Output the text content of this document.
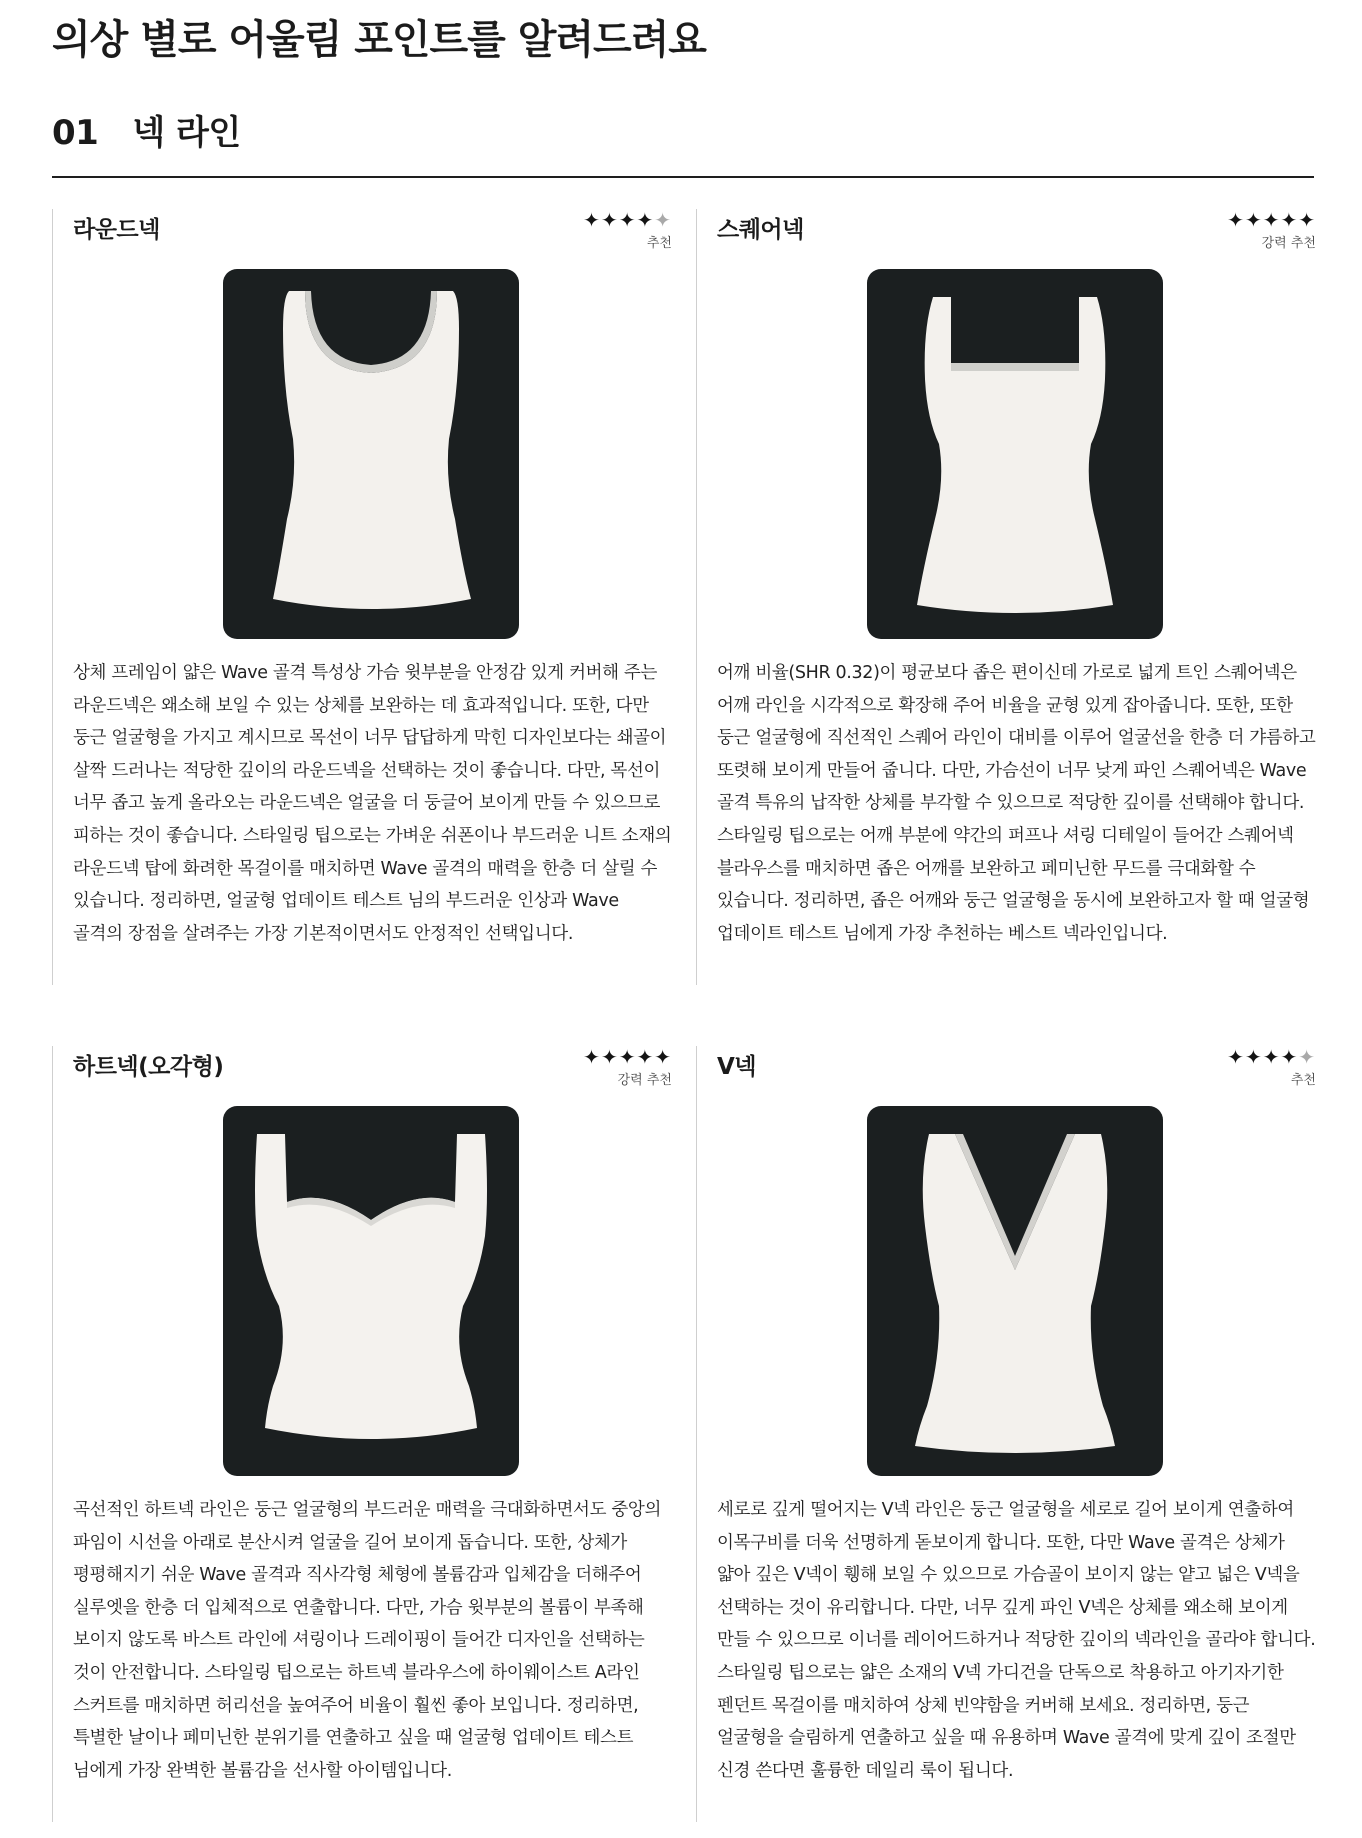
의상 별로 어울림 포인트를 알려드려요
01 넥 라인
라운드넥	✦✦✦✦✦
추천

상체 프레임이 얇은 Wave 골격 특성상 가슴 윗부분을 안정감 있게 커버해 주는 라운드넥은 왜소해 보일 수 있는 상체를 보완하는 데 효과적입니다. 또한, 다만 둥근 얼굴형을 가지고 계시므로 목선이 너무 답답하게 막힌 디자인보다는 쇄골이 살짝 드러나는 적당한 깊이의 라운드넥을 선택하는 것이 좋습니다. 다만, 목선이 너무 좁고 높게 올라오는 라운드넥은 얼굴을 더 둥글어 보이게 만들 수 있으므로 피하는 것이 좋습니다. 스타일링 팁으로는 가벼운 쉬폰이나 부드러운 니트 소재의 라운드넥 탑에 화려한 목걸이를 매치하면 Wave 골격의 매력을 한층 더 살릴 수 있습니다. 정리하면, 얼굴형 업데이트 테스트 님의 부드러운 인상과 Wave 골격의 장점을 살려주는 가장 기본적이면서도 안정적인 선택입니다.

스퀘어넥	✦✦✦✦✦
강력 추천

어깨 비율(SHR 0.32)이 평균보다 좁은 편이신데 가로로 넓게 트인 스퀘어넥은 어깨 라인을 시각적으로 확장해 주어 비율을 균형 있게 잡아줍니다. 또한, 또한 둥근 얼굴형에 직선적인 스퀘어 라인이 대비를 이루어 얼굴선을 한층 더 갸름하고 또렷해 보이게 만들어 줍니다. 다만, 가슴선이 너무 낮게 파인 스퀘어넥은 Wave 골격 특유의 납작한 상체를 부각할 수 있으므로 적당한 깊이를 선택해야 합니다. 스타일링 팁으로는 어깨 부분에 약간의 퍼프나 셔링 디테일이 들어간 스퀘어넥 블라우스를 매치하면 좁은 어깨를 보완하고 페미닌한 무드를 극대화할 수 있습니다. 정리하면, 좁은 어깨와 둥근 얼굴형을 동시에 보완하고자 할 때 얼굴형 업데이트 테스트 님에게 가장 추천하는 베스트 넥라인입니다.

하트넥(오각형)	✦✦✦✦✦
강력 추천

곡선적인 하트넥 라인은 둥근 얼굴형의 부드러운 매력을 극대화하면서도 중앙의 파임이 시선을 아래로 분산시켜 얼굴을 길어 보이게 돕습니다. 또한, 상체가 평평해지기 쉬운 Wave 골격과 직사각형 체형에 볼륨감과 입체감을 더해주어 실루엣을 한층 더 입체적으로 연출합니다. 다만, 가슴 윗부분의 볼륨이 부족해 보이지 않도록 바스트 라인에 셔링이나 드레이핑이 들어간 디자인을 선택하는 것이 안전합니다. 스타일링 팁으로는 하트넥 블라우스에 하이웨이스트 A라인 스커트를 매치하면 허리선을 높여주어 비율이 훨씬 좋아 보입니다. 정리하면, 특별한 날이나 페미닌한 분위기를 연출하고 싶을 때 얼굴형 업데이트 테스트 님에게 가장 완벽한 볼륨감을 선사할 아이템입니다.

V넥	✦✦✦✦✦
추천

세로로 깊게 떨어지는 V넥 라인은 둥근 얼굴형을 세로로 길어 보이게 연출하여 이목구비를 더욱 선명하게 돋보이게 합니다. 또한, 다만 Wave 골격은 상체가 얇아 깊은 V넥이 휑해 보일 수 있으므로 가슴골이 보이지 않는 얕고 넓은 V넥을 선택하는 것이 유리합니다. 다만, 너무 깊게 파인 V넥은 상체를 왜소해 보이게 만들 수 있으므로 이너를 레이어드하거나 적당한 깊이의 넥라인을 골라야 합니다. 스타일링 팁으로는 얇은 소재의 V넥 가디건을 단독으로 착용하고 아기자기한 펜던트 목걸이를 매치하여 상체 빈약함을 커버해 보세요. 정리하면, 둥근 얼굴형을 슬림하게 연출하고 싶을 때 유용하며 Wave 골격에 맞게 깊이 조절만 신경 쓴다면 훌륭한 데일리 룩이 됩니다.
